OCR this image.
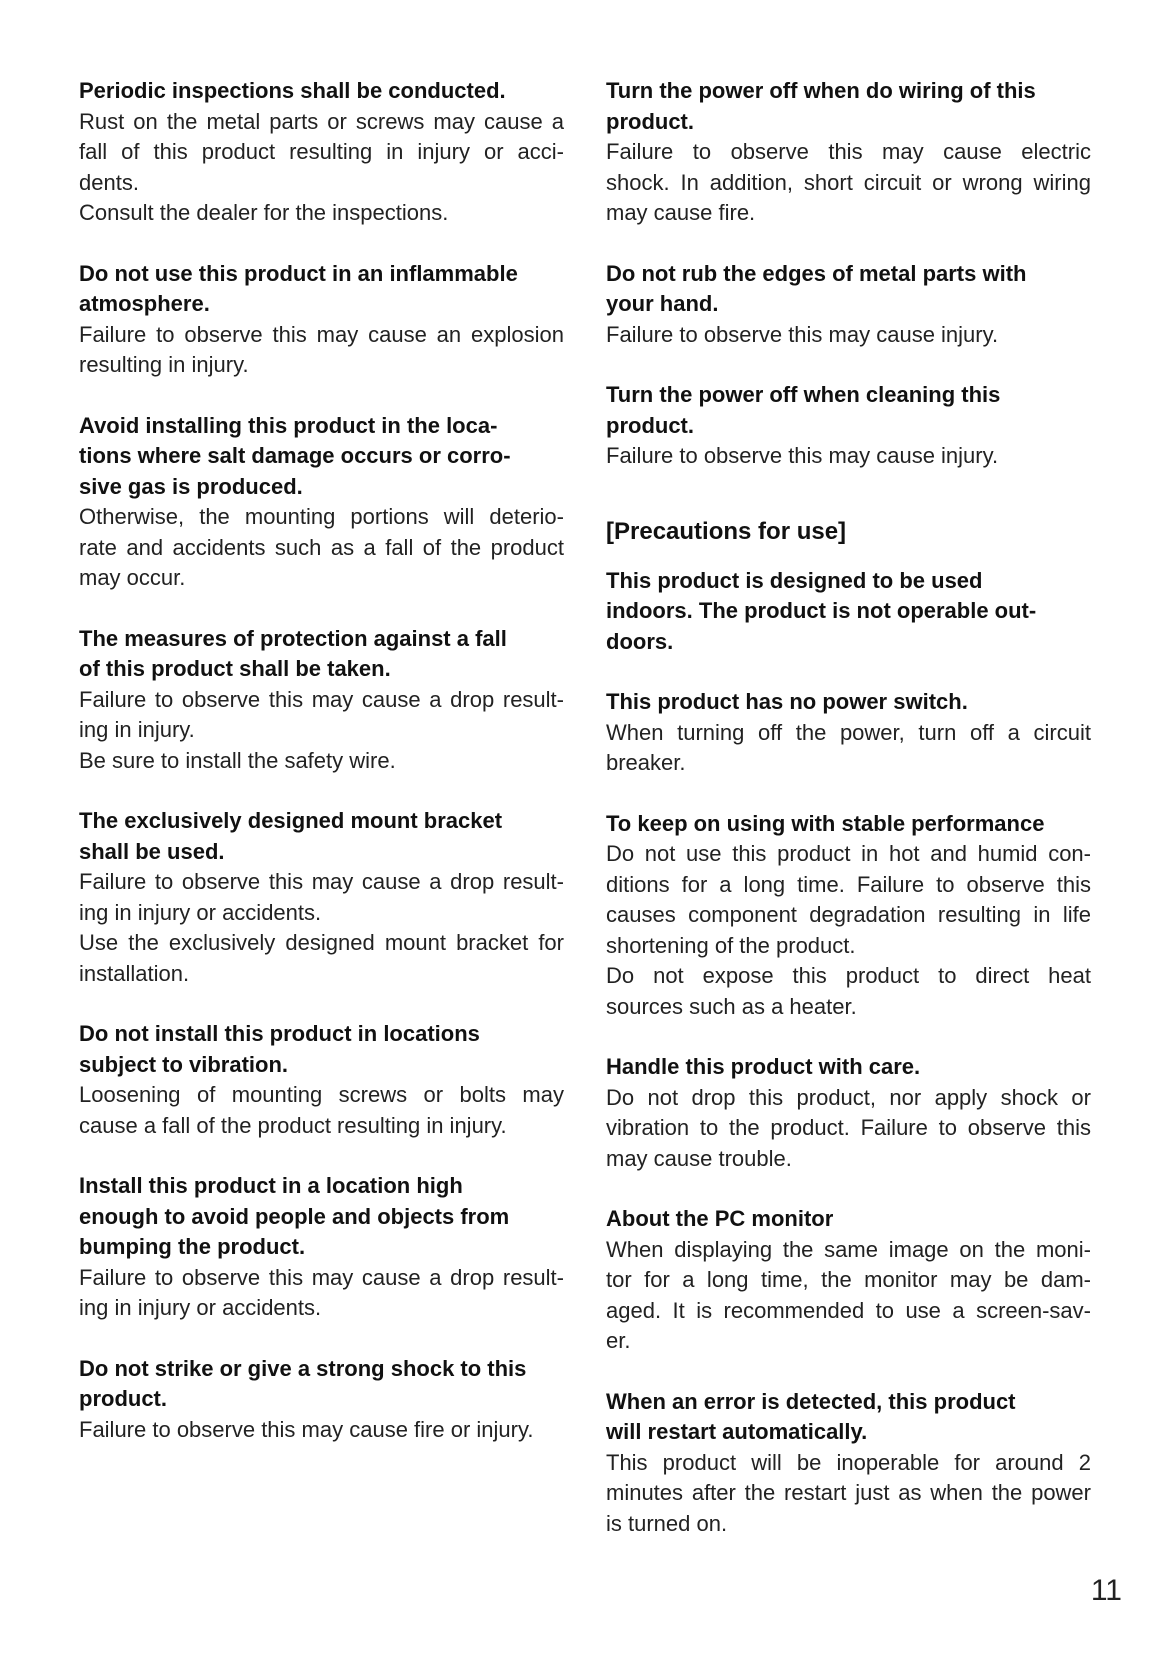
Periodic inspections shall be conducted.

Rust on the metal parts or screws may cause a

fall of this product resulting in injury or acci-

dents.

Consult the dealer for the inspections.

Do not use this product in an inflammable

atmosphere.

Failure to observe this may cause an explosion

resulting in injury.

Avoid installing this product in the loca-

tions where salt damage occurs or corro-

sive gas is produced.

Otherwise, the mounting portions will deterio-

rate and accidents such as a fall of the product

may occur.

The measures of protection against a fall

of this product shall be taken.

Failure to observe this may cause a drop result-

ing in injury.

Be sure to install the safety wire.

The exclusively designed mount bracket

shall be used.

Failure to observe this may cause a drop result-

ing in injury or accidents.

Use the exclusively designed mount bracket for

installation.

Do not install this product in locations

subject to vibration.

Loosening of mounting screws or bolts may

cause a fall of the product resulting in injury.

Install this product in a location high

enough to avoid people and objects from

bumping the product.

Failure to observe this may cause a drop result-

ing in injury or accidents.

Do not strike or give a strong shock to this

product.

Failure to observe this may cause fire or injury.

Turn the power off when do wiring of this

product.

Failure to observe this may cause electric

shock. In addition, short circuit or wrong wiring

may cause fire.

Do not rub the edges of metal parts with

your hand.

Failure to observe this may cause injury.

Turn the power off when cleaning this

product.

Failure to observe this may cause injury.

[Precautions for use]

This product is designed to be used

indoors. The product is not operable out-

doors.

This product has no power switch.

When turning off the power, turn off a circuit

breaker.

To keep on using with stable performance

Do not use this product in hot and humid con-

ditions for a long time. Failure to observe this

causes component degradation resulting in life

shortening of the product.

Do not expose this product to direct heat

sources such as a heater.

Handle this product with care.

Do not drop this product, nor apply shock or

vibration to the product. Failure to observe this

may cause trouble.

About the PC monitor

When displaying the same image on the moni-

tor for a long time, the monitor may be dam-

aged. It is recommended to use a screen-sav-

er.

When an error is detected, this product

will restart automatically.

This product will be inoperable for around 2

minutes after the restart just as when the power

is turned on.

11
